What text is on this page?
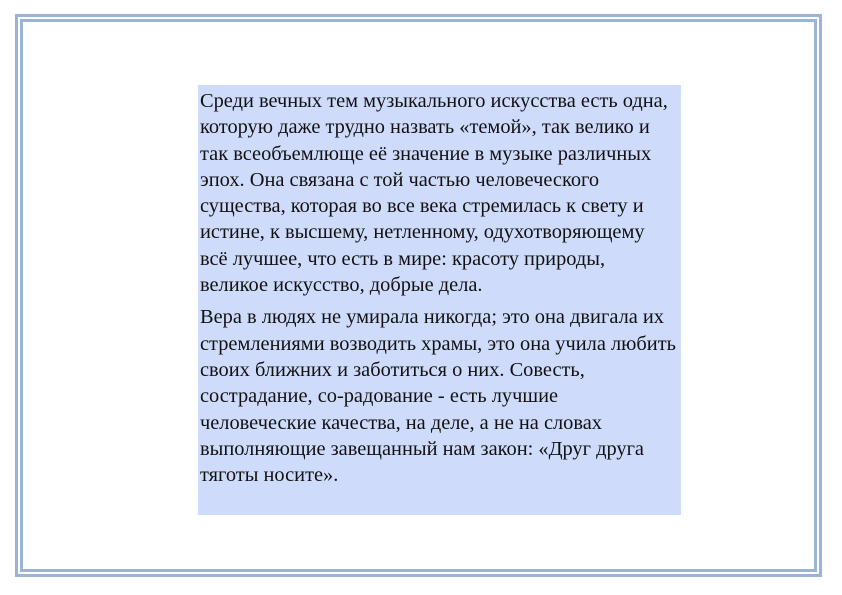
Среди вечных тем музыкального искусства есть одна, которую даже трудно назвать «темой», так велико и так всеобъемлюще её значение в музыке различных эпох. Она связана с той частью человеческого существа, которая во все века стремилась к свету и истине, к высшему, нетленному, одухотворяющему всё лучшее, что есть в мире: красоту природы, великое искусство, добрые дела.

Вера в людях не умирала никогда; это она двигала их стремлениями возводить храмы, это она учила любить своих ближних и заботиться о них. Совесть, сострадание, со-радование - есть лучшие человеческие качества, на деле, а не на словах выполняющие завещанный нам закон: «Друг друга тяготы носите».
